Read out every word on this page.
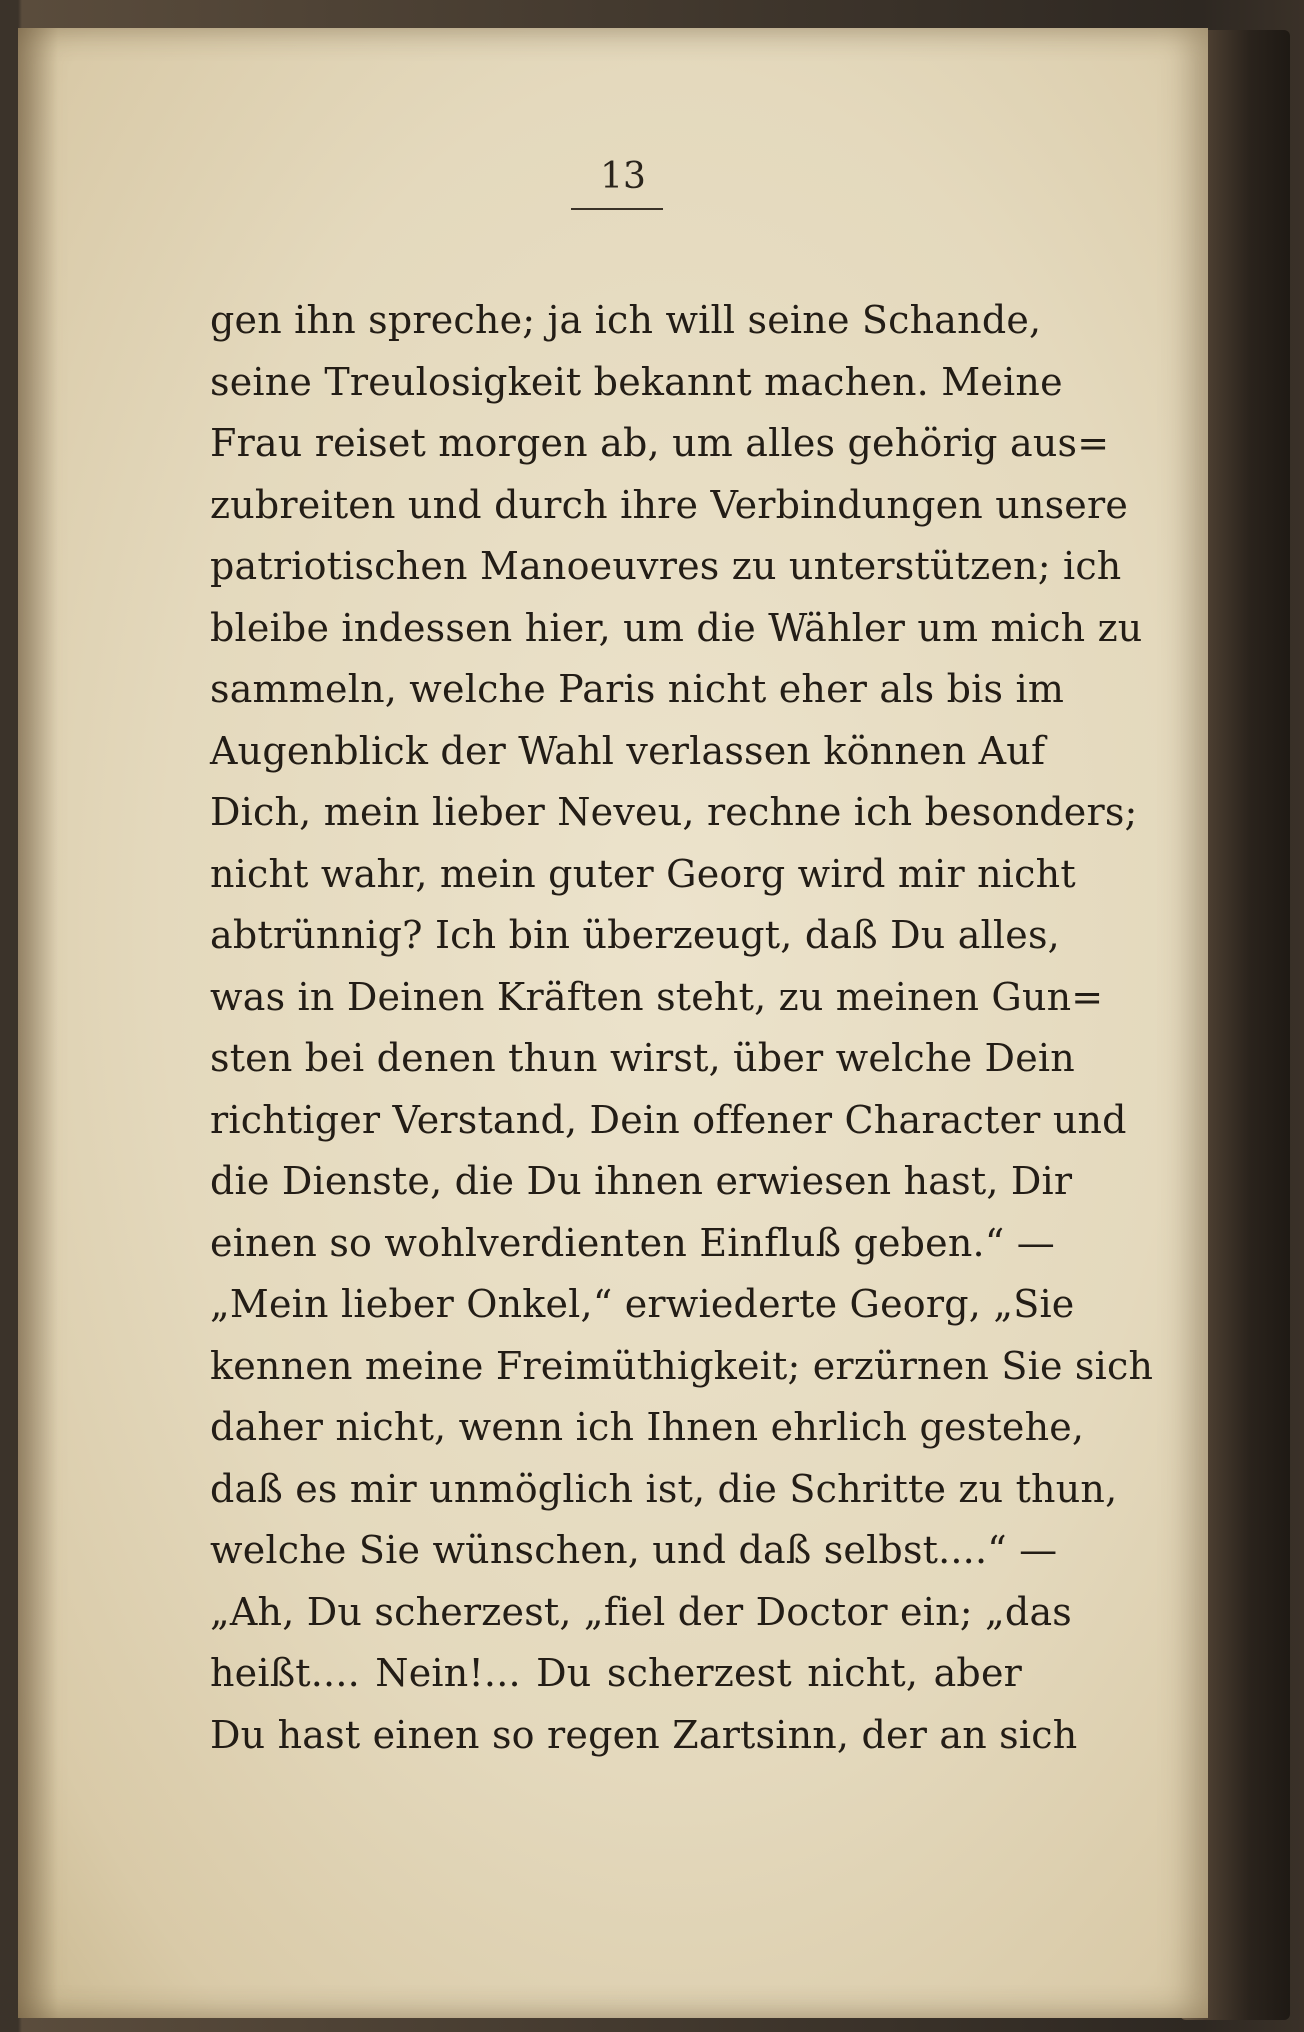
13
gen ihn spreche; ja ich will seine Schande,
seine Treulosigkeit bekannt machen. Meine
Frau reiset morgen ab, um alles gehörig aus=
zubreiten und durch ihre Verbindungen unsere
patriotischen Manoeuvres zu unterstützen; ich
bleibe indessen hier, um die Wähler um mich zu
sammeln, welche Paris nicht eher als bis im
Augenblick der Wahl verlassen können Auf
Dich, mein lieber Neveu, rechne ich besonders;
nicht wahr, mein guter Georg wird mir nicht
abtrünnig? Ich bin überzeugt, daß Du alles,
was in Deinen Kräften steht, zu meinen Gun=
sten bei denen thun wirst, über welche Dein
richtiger Verstand, Dein offener Character und
die Dienste, die Du ihnen erwiesen hast, Dir
einen so wohlverdienten Einfluß geben.“ —
„Mein lieber Onkel,“ erwiederte Georg, „Sie
kennen meine Freimüthigkeit; erzürnen Sie sich
daher nicht, wenn ich Ihnen ehrlich gestehe,
daß es mir unmöglich ist, die Schritte zu thun,
welche Sie wünschen, und daß selbst....“ —
„Ah, Du scherzest, „fiel der Doctor ein; „das
heißt.... Nein!... Du scherzest nicht, aber
Du hast einen so regen Zartsinn, der an sich
